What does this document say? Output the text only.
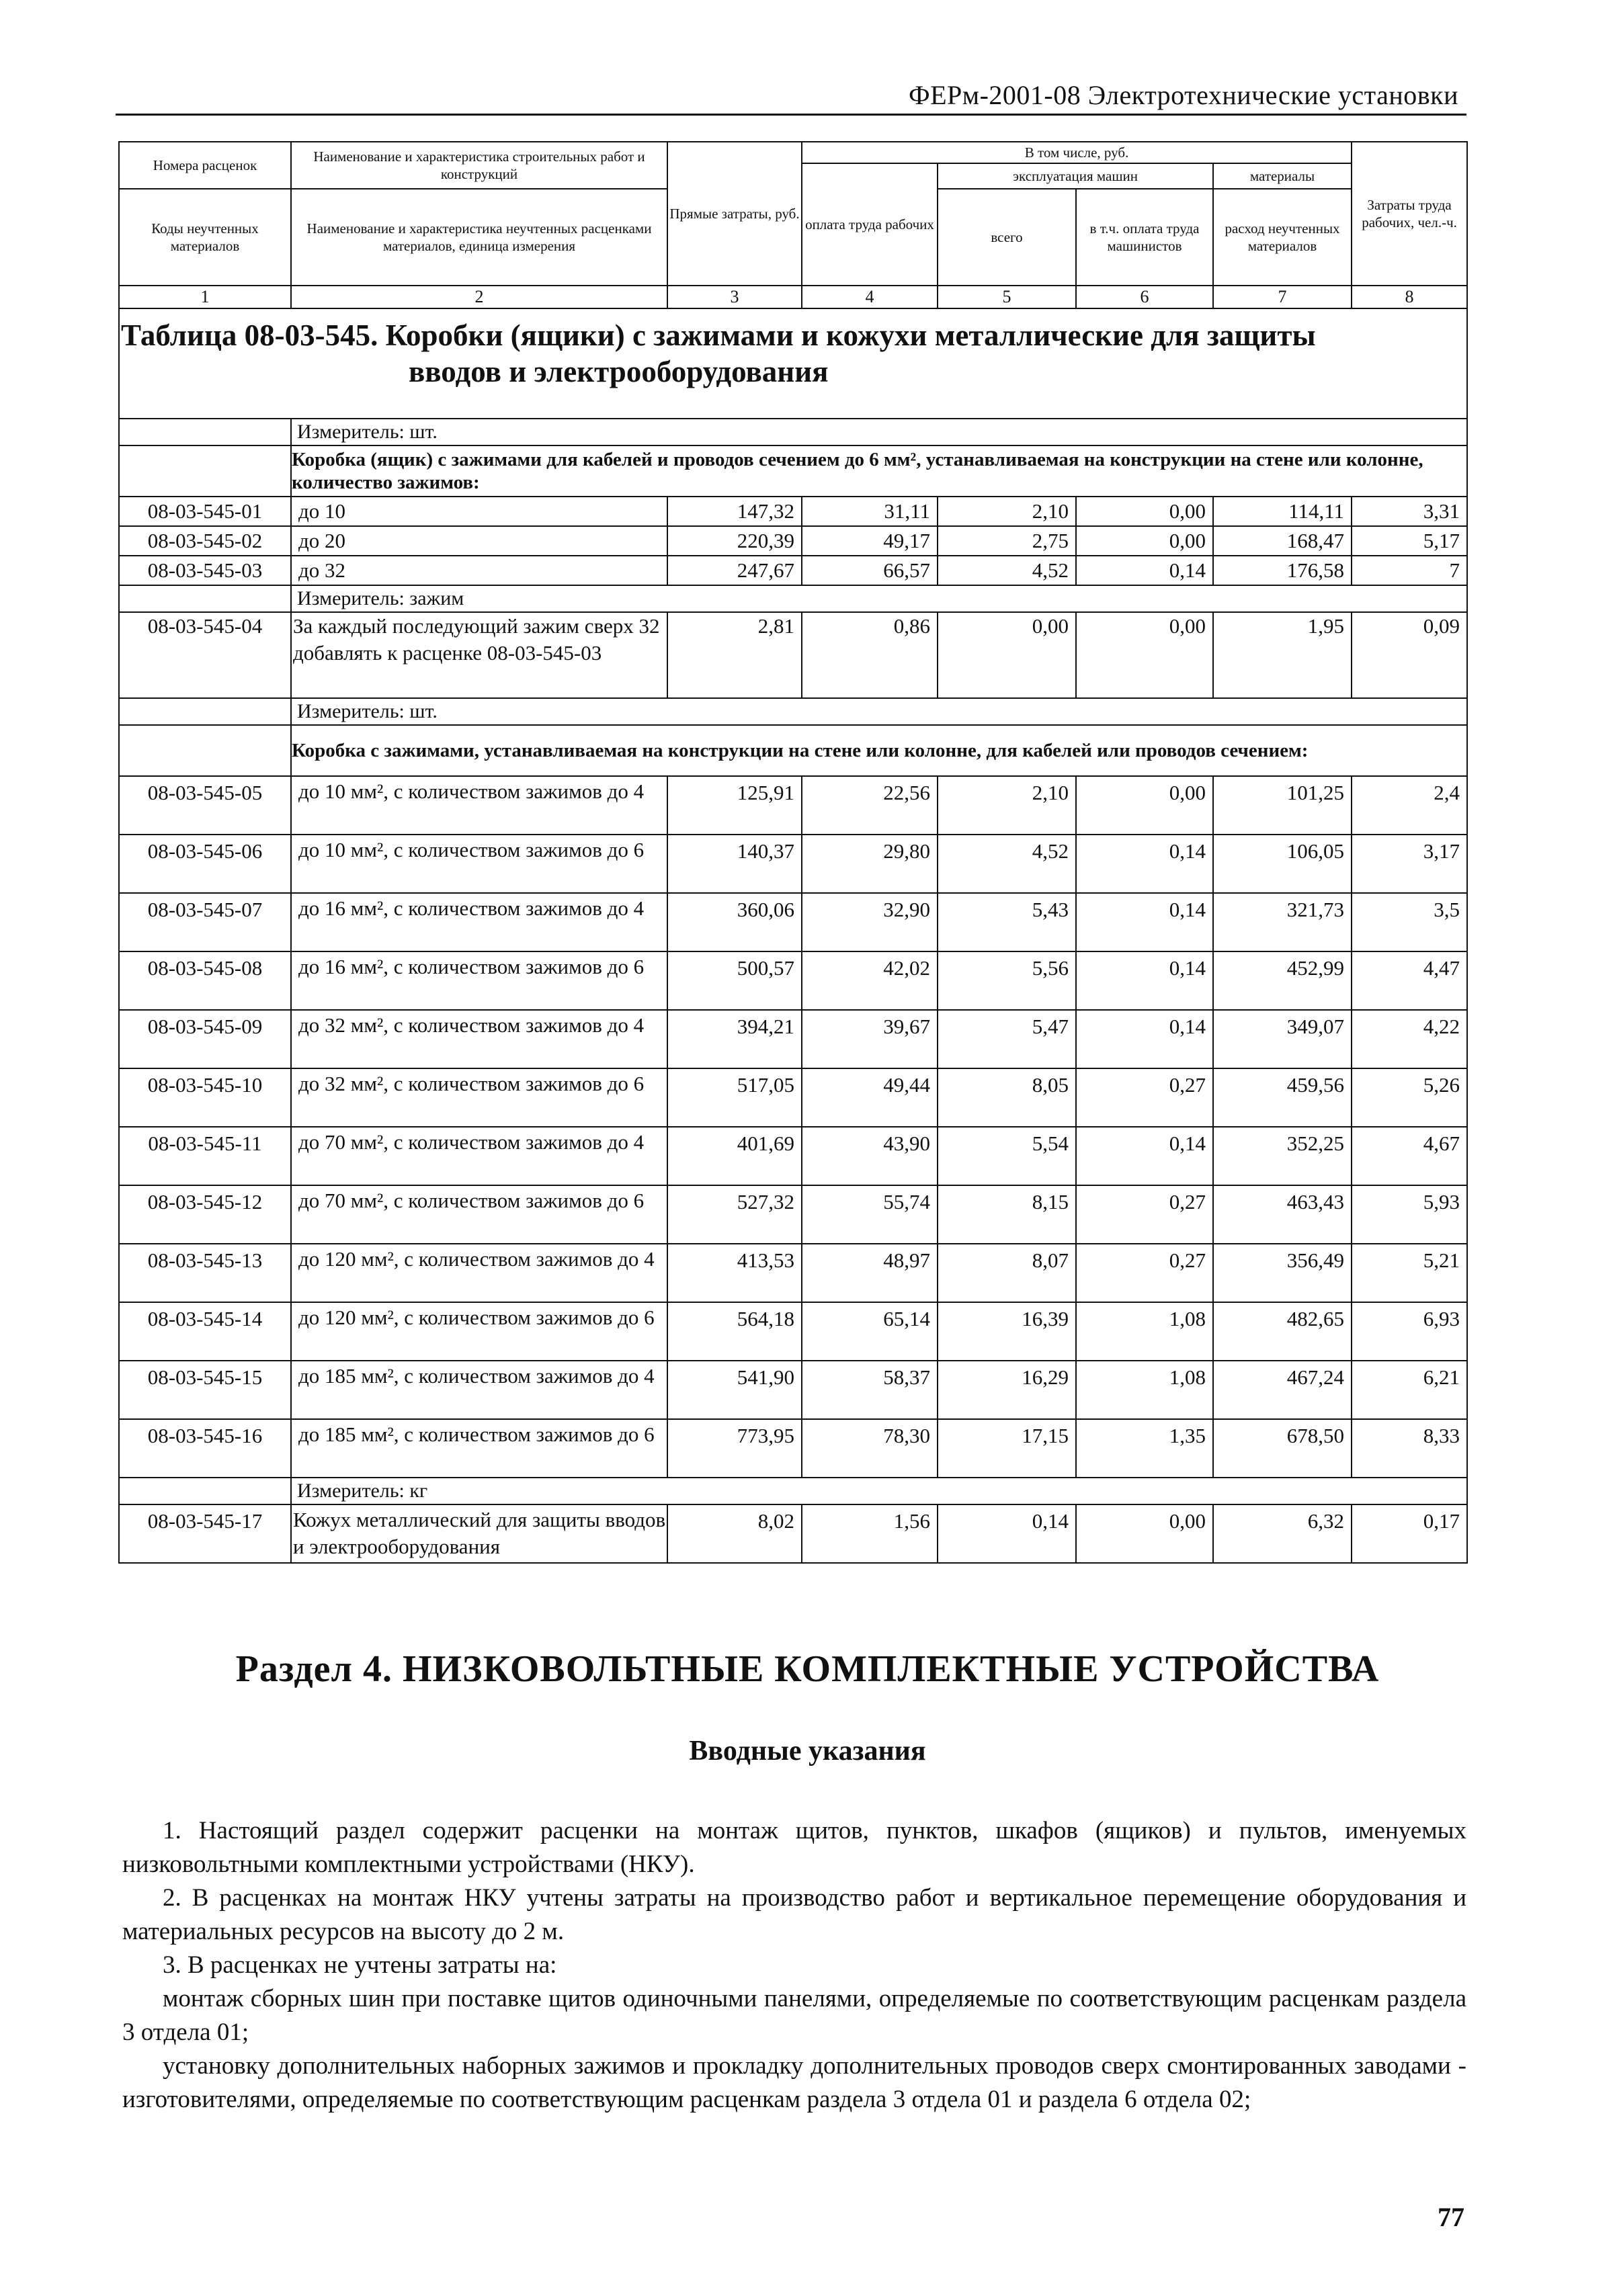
ФЕРм-2001-08 Электротехнические установки
Номера расценок	Наименование и характеристика строительных работ и конструкций	Прямые затраты, руб.	В том числе, руб.				Затраты труда рабочих, чел.-ч.
			оплата труда рабочих	эксплуатация машин		материалы	
Коды неучтенных материалов	Наименование и характеристика неучтенных расценками материалов, единица измерения			всего	в т.ч. оплата труда машинистов	расход неучтенных материалов	

1	2	3	4	5	6	7	8

Таблица 08-03-545. Коробки (ящики) с зажимами и кожухи металлические для защиты
вводов и электрооборудования							

	Измеритель: шт.						
	Коробка (ящик) с зажимами для кабелей и проводов сечением до 6 мм², устанавливаемая на конструкции на стене или колонне, количество зажимов:						
08-03-545-01	до 10	147,32	31,11	2,10	0,00	114,11	3,31
08-03-545-02	до 20	220,39	49,17	2,75	0,00	168,47	5,17
08-03-545-03	до 32	247,67	66,57	4,52	0,14	176,58	7
	Измеритель: зажим						
08-03-545-04	За каждый последующий зажим сверх 32 добавлять к расценке 08-03-545-03	2,81	0,86	0,00	0,00	1,95	0,09
	Измеритель: шт.						
	Коробка с зажимами, устанавливаемая на конструкции на стене или колонне, для кабелей или проводов сечением:						
08-03-545-05	до 10 мм², с количеством зажимов до 4	125,91	22,56	2,10	0,00	101,25	2,4
08-03-545-06	до 10 мм², с количеством зажимов до 6	140,37	29,80	4,52	0,14	106,05	3,17
08-03-545-07	до 16 мм², с количеством зажимов до 4	360,06	32,90	5,43	0,14	321,73	3,5
08-03-545-08	до 16 мм², с количеством зажимов до 6	500,57	42,02	5,56	0,14	452,99	4,47
08-03-545-09	до 32 мм², с количеством зажимов до 4	394,21	39,67	5,47	0,14	349,07	4,22
08-03-545-10	до 32 мм², с количеством зажимов до 6	517,05	49,44	8,05	0,27	459,56	5,26
08-03-545-11	до 70 мм², с количеством зажимов до 4	401,69	43,90	5,54	0,14	352,25	4,67
08-03-545-12	до 70 мм², с количеством зажимов до 6	527,32	55,74	8,15	0,27	463,43	5,93
08-03-545-13	до 120 мм², с количеством зажимов до 4	413,53	48,97	8,07	0,27	356,49	5,21
08-03-545-14	до 120 мм², с количеством зажимов до 6	564,18	65,14	16,39	1,08	482,65	6,93
08-03-545-15	до 185 мм², с количеством зажимов до 4	541,90	58,37	16,29	1,08	467,24	6,21
08-03-545-16	до 185 мм², с количеством зажимов до 6	773,95	78,30	17,15	1,35	678,50	8,33
	Измеритель: кг						
08-03-545-17	Кожух металлический для защиты вводов и электрооборудования	8,02	1,56	0,14	0,00	6,32	0,17
Раздел 4. НИЗКОВОЛЬТНЫЕ КОМПЛЕКТНЫЕ УСТРОЙСТВА
Вводные указания

1. Настоящий раздел содержит расценки на монтаж щитов, пунктов, шкафов (ящиков) и пультов, именуемых низковольтными комплектными устройствами (НКУ).

2. В расценках на монтаж НКУ учтены затраты на производство работ и вертикальное перемещение оборудования и материальных ресурсов на высоту до 2 м.

3. В расценках не учтены затраты на:

монтаж сборных шин при поставке щитов одиночными панелями, определяемые по соответствующим расценкам раздела 3 отдела 01;

установку дополнительных наборных зажимов и прокладку дополнительных проводов сверх смонтированных заводами - изготовителями, определяемые по соответствующим расценкам раздела 3 отдела 01 и раздела 6 отдела 02;

77
